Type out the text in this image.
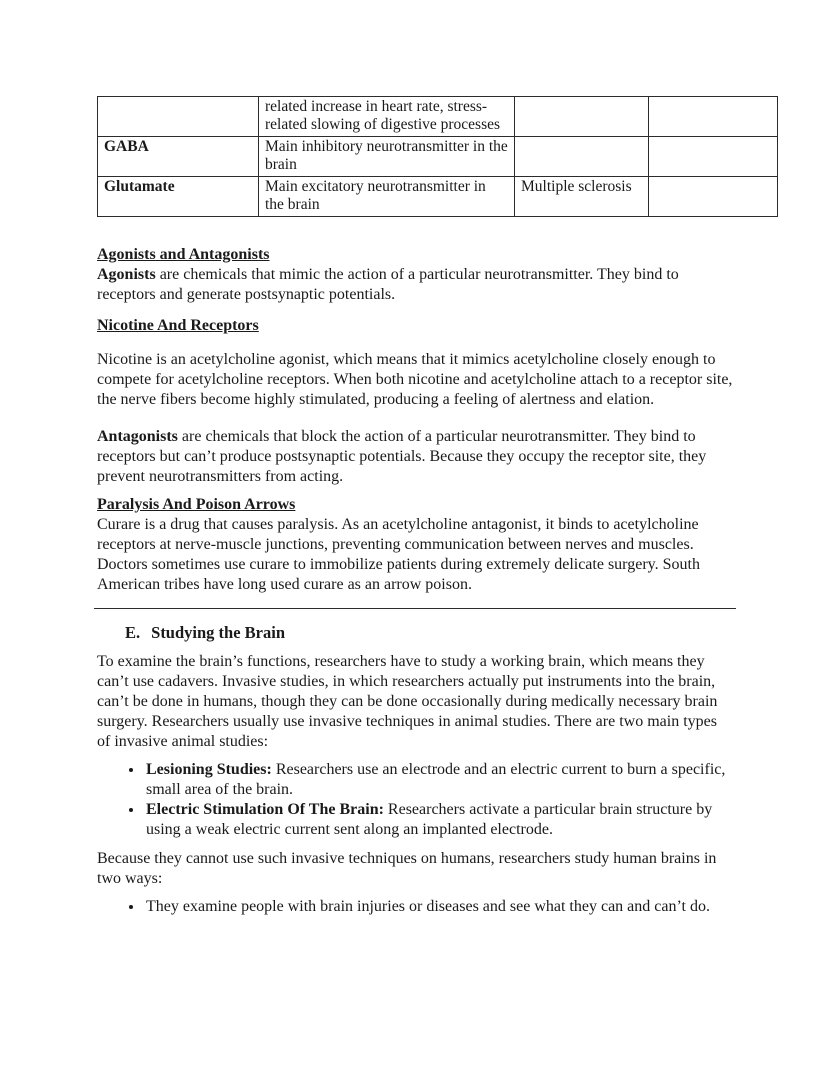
	related increase in heart rate, stress-related slowing of digestive processes		
GABA	Main inhibitory neurotransmitter in the brain		
Glutamate	Main excitatory neurotransmitter in the brain	Multiple sclerosis	

Agonists and Antagonists

Agonists are chemicals that mimic the action of a particular neurotransmitter. They bind to receptors and generate postsynaptic potentials.

Nicotine And Receptors

Nicotine is an acetylcholine agonist, which means that it mimics acetylcholine closely enough to compete for acetylcholine receptors. When both nicotine and acetylcholine attach to a receptor site, the nerve fibers become highly stimulated, producing a feeling of alertness and elation.

Antagonists are chemicals that block the action of a particular neurotransmitter. They bind to receptors but can’t produce postsynaptic potentials. Because they occupy the receptor site, they prevent neurotransmitters from acting.

Paralysis And Poison Arrows

Curare is a drug that causes paralysis. As an acetylcholine antagonist, it binds to acetylcholine receptors at nerve-muscle junctions, preventing communication between nerves and muscles. Doctors sometimes use curare to immobilize patients during extremely delicate surgery. South American tribes have long used curare as an arrow poison.

E. Studying the Brain

To examine the brain’s functions, researchers have to study a working brain, which means they can’t use cadavers. Invasive studies, in which researchers actually put instruments into the brain, can’t be done in humans, though they can be done occasionally during medically necessary brain surgery. Researchers usually use invasive techniques in animal studies. There are two main types of invasive animal studies:

• Lesioning Studies: Researchers use an electrode and an electric current to burn a specific, small area of the brain.
• Electric Stimulation Of The Brain: Researchers activate a particular brain structure by using a weak electric current sent along an implanted electrode.

Because they cannot use such invasive techniques on humans, researchers study human brains in two ways:

• They examine people with brain injuries or diseases and see what they can and can’t do.
